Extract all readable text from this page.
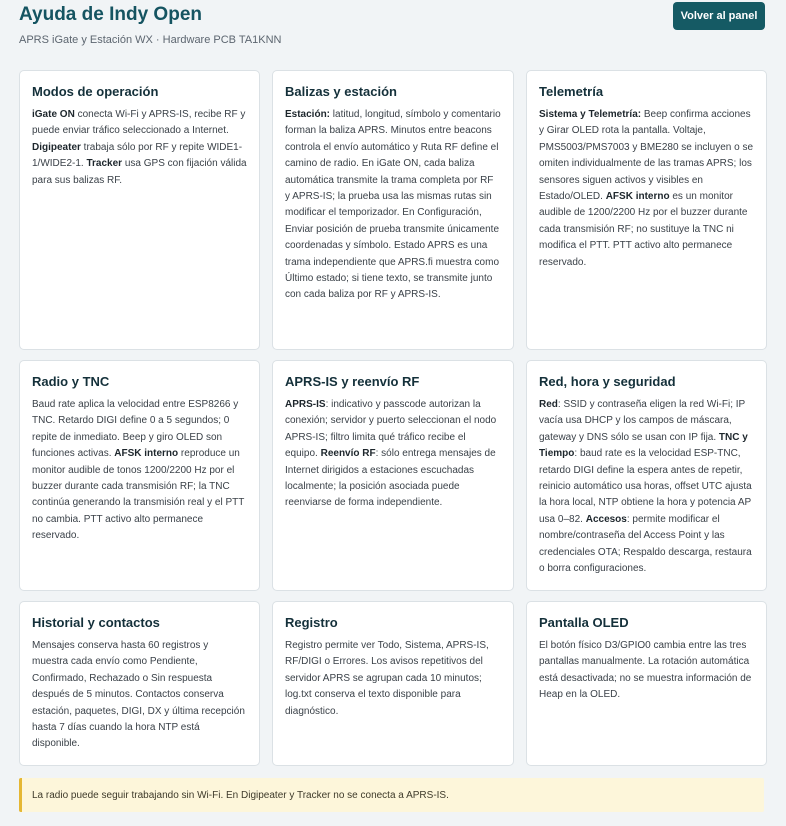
Ayuda de Indy Open
APRS iGate y Estación WX · Hardware PCB TA1KNN
Volver al panel
Modos de operación

iGate ON conecta Wi-Fi y APRS-IS, recibe RF y puede enviar tráfico seleccionado a Internet. Digipeater trabaja sólo por RF y repite WIDE1-1/WIDE2-1. Tracker usa GPS con fijación válida para sus balizas RF.

Balizas y estación

Estación: latitud, longitud, símbolo y comentario forman la baliza APRS. Minutos entre beacons controla el envío automático y Ruta RF define el camino de radio. En iGate ON, cada baliza automática transmite la trama completa por RF y APRS-IS; la prueba usa las mismas rutas sin modificar el temporizador. En Configuración, Enviar posición de prueba transmite únicamente coordenadas y símbolo. Estado APRS es una trama independiente que APRS.fi muestra como Último estado; si tiene texto, se transmite junto con cada baliza por RF y APRS-IS.

Telemetría

Sistema y Telemetría: Beep confirma acciones y Girar OLED rota la pantalla. Voltaje, PMS5003/PMS7003 y BME280 se incluyen o se omiten individualmente de las tramas APRS; los sensores siguen activos y visibles en Estado/OLED. AFSK interno es un monitor audible de 1200/2200 Hz por el buzzer durante cada transmisión RF; no sustituye la TNC ni modifica el PTT. PTT activo alto permanece reservado.

Radio y TNC

Baud rate aplica la velocidad entre ESP8266 y TNC. Retardo DIGI define 0 a 5 segundos; 0 repite de inmediato. Beep y giro OLED son funciones activas. AFSK interno reproduce un monitor audible de tonos 1200/2200 Hz por el buzzer durante cada transmisión RF; la TNC continúa generando la transmisión real y el PTT no cambia. PTT activo alto permanece reservado.

APRS-IS y reenvío RF

APRS-IS: indicativo y passcode autorizan la conexión; servidor y puerto seleccionan el nodo APRS-IS; filtro limita qué tráfico recibe el equipo. Reenvío RF: sólo entrega mensajes de Internet dirigidos a estaciones escuchadas localmente; la posición asociada puede reenviarse de forma independiente.

Red, hora y seguridad

Red: SSID y contraseña eligen la red Wi-Fi; IP vacía usa DHCP y los campos de máscara, gateway y DNS sólo se usan con IP fija. TNC y Tiempo: baud rate es la velocidad ESP-TNC, retardo DIGI define la espera antes de repetir, reinicio automático usa horas, offset UTC ajusta la hora local, NTP obtiene la hora y potencia AP usa 0–82. Accesos: permite modificar el nombre/contraseña del Access Point y las credenciales OTA; Respaldo descarga, restaura o borra configuraciones.

Historial y contactos

Mensajes conserva hasta 60 registros y muestra cada envío como Pendiente, Confirmado, Rechazado o Sin respuesta después de 5 minutos. Contactos conserva estación, paquetes, DIGI, DX y última recepción hasta 7 días cuando la hora NTP está disponible.

Registro

Registro permite ver Todo, Sistema, APRS-IS, RF/DIGI o Errores. Los avisos repetitivos del servidor APRS se agrupan cada 10 minutos; log.txt conserva el texto disponible para diagnóstico.

Pantalla OLED

El botón físico D3/GPIO0 cambia entre las tres pantallas manualmente. La rotación automática está desactivada; no se muestra información de Heap en la OLED.

La radio puede seguir trabajando sin Wi-Fi. En Digipeater y Tracker no se conecta a APRS-IS.
